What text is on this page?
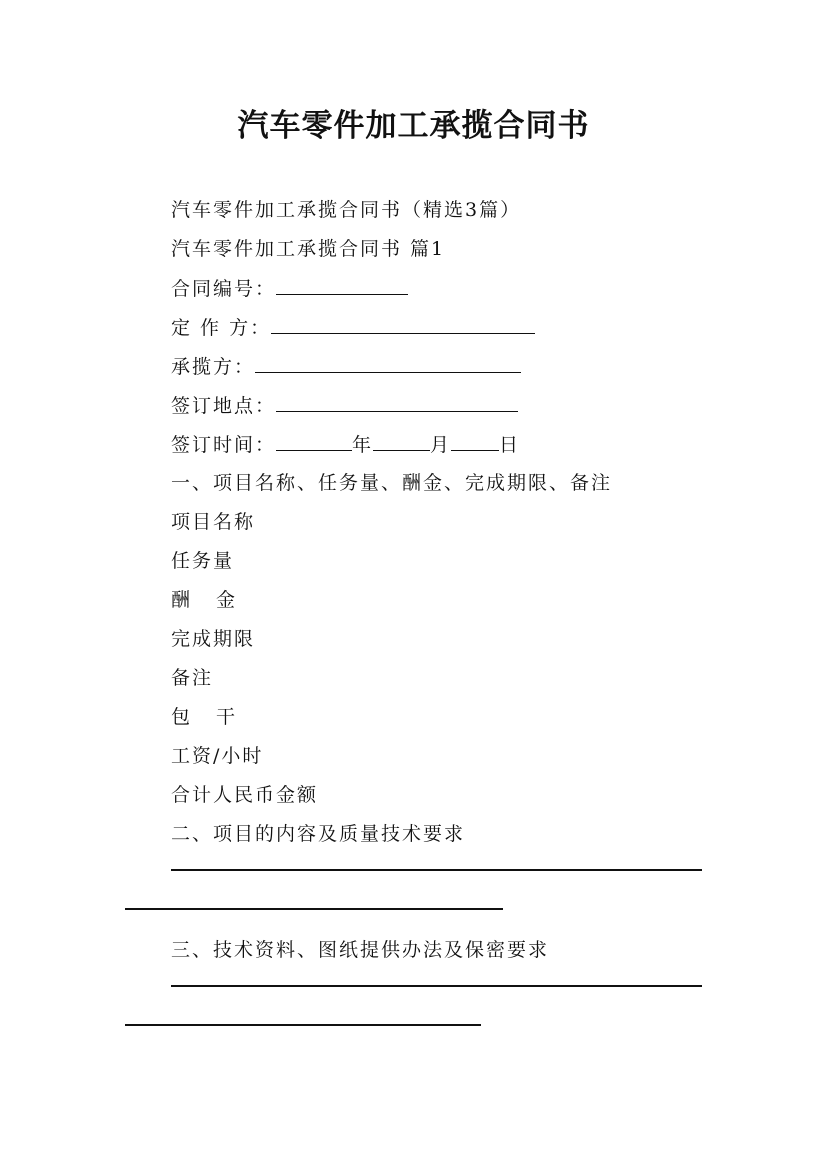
汽车零件加工承揽合同书
汽车零件加工承揽合同书（精选3篇）
汽车零件加工承揽合同书 篇1
合同编号：
定 作 方：
承揽方：
签订地点：
签订时间：	年	月	日
一、项目名称、任务量、酬金、完成期限、备注
项目名称
任务量
酬 金
完成期限
备注
包 干
工资/小时
合计人民币金额
二、项目的内容及质量技术要求
三、技术资料、图纸提供办法及保密要求
